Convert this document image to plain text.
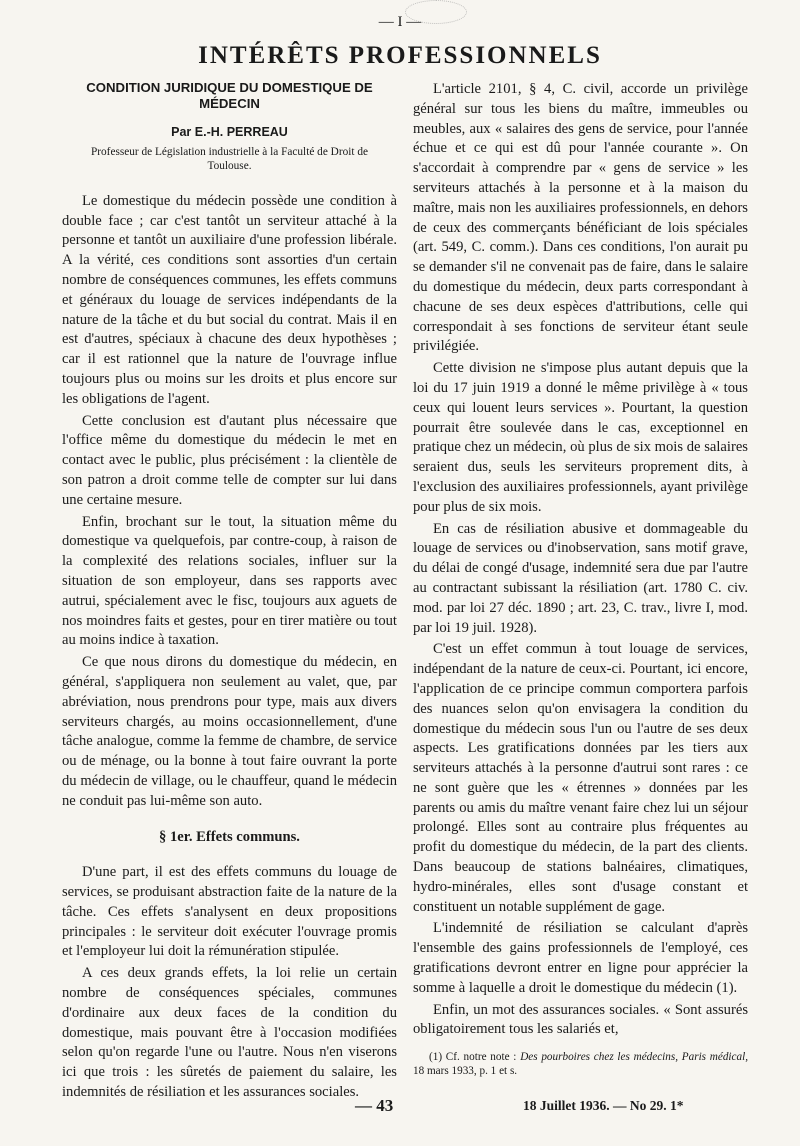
— I —
INTÉRÊTS PROFESSIONNELS
CONDITION JURIDIQUE DU DOMESTIQUE DE MÉDECIN
Par E.-H. PERREAU
Professeur de Législation industrielle à la Faculté de Droit de Toulouse.

Le domestique du médecin possède une condition à double face ; car c'est tantôt un serviteur attaché à la personne et tantôt un auxiliaire d'une profession libérale. A la vérité, ces conditions sont assorties d'un certain nombre de conséquences communes, les effets communs et généraux du louage de services indépendants de la nature de la tâche et du but social du contrat. Mais il en est d'autres, spéciaux à chacune des deux hypothèses ; car il est rationnel que la nature de l'ouvrage influe toujours plus ou moins sur les droits et plus encore sur les obligations de l'agent.

Cette conclusion est d'autant plus nécessaire que l'office même du domestique du médecin le met en contact avec le public, plus précisément : la clientèle de son patron a droit comme telle de compter sur lui dans une certaine mesure.

Enfin, brochant sur le tout, la situation même du domestique va quelquefois, par contre-coup, à raison de la complexité des relations sociales, influer sur la situation de son employeur, dans ses rapports avec autrui, spécialement avec le fisc, toujours aux aguets de nos moindres faits et gestes, pour en tirer matière ou tout au moins indice à taxation.

Ce que nous dirons du domestique du médecin, en général, s'appliquera non seulement au valet, que, par abréviation, nous prendrons pour type, mais aux divers serviteurs chargés, au moins occasionnellement, d'une tâche analogue, comme la femme de chambre, de service ou de ménage, ou la bonne à tout faire ouvrant la porte du médecin de village, ou le chauffeur, quand le médecin ne conduit pas lui-même son auto.

§ 1er. Effets communs.

D'une part, il est des effets communs du louage de services, se produisant abstraction faite de la nature de la tâche. Ces effets s'analysent en deux propositions principales : le serviteur doit exécuter l'ouvrage promis et l'employeur lui doit la rémunération stipulée.

A ces deux grands effets, la loi relie un certain nombre de conséquences spéciales, communes d'ordinaire aux deux faces de la condition du domestique, mais pouvant être à l'occasion modifiées selon qu'on regarde l'une ou l'autre. Nous n'en viserons ici que trois : les sûretés de paiement du salaire, les indemnités de résiliation et les assurances sociales.

L'article 2101, § 4, C. civil, accorde un privilège général sur tous les biens du maître, immeubles ou meubles, aux « salaires des gens de service, pour l'année échue et ce qui est dû pour l'année courante ». On s'accordait à comprendre par « gens de service » les serviteurs attachés à la personne et à la maison du maître, mais non les auxiliaires professionnels, en dehors de ceux des commerçants bénéficiant de lois spéciales (art. 549, C. comm.). Dans ces conditions, l'on aurait pu se demander s'il ne convenait pas de faire, dans le salaire du domestique du médecin, deux parts correspondant à chacune de ses deux espèces d'attributions, celle qui correspondait à ses fonctions de serviteur étant seule privilégiée.

Cette division ne s'impose plus autant depuis que la loi du 17 juin 1919 a donné le même privilège à « tous ceux qui louent leurs services ». Pourtant, la question pourrait être soulevée dans le cas, exceptionnel en pratique chez un médecin, où plus de six mois de salaires seraient dus, seuls les serviteurs proprement dits, à l'exclusion des auxiliaires professionnels, ayant privilège pour plus de six mois.

En cas de résiliation abusive et dommageable du louage de services ou d'inobservation, sans motif grave, du délai de congé d'usage, indemnité sera due par l'autre au contractant subissant la résiliation (art. 1780 C. civ. mod. par loi 27 déc. 1890 ; art. 23, C. trav., livre I, mod. par loi 19 juil. 1928).

C'est un effet commun à tout louage de services, indépendant de la nature de ceux-ci. Pourtant, ici encore, l'application de ce principe commun comportera parfois des nuances selon qu'on envisagera la condition du domestique du médecin sous l'un ou l'autre de ses deux aspects. Les gratifications données par les tiers aux serviteurs attachés à la personne d'autrui sont rares : ce ne sont guère que les « étrennes » données par les parents ou amis du maître venant faire chez lui un séjour prolongé. Elles sont au contraire plus fréquentes au profit du domestique du médecin, de la part des clients. Dans beaucoup de stations balnéaires, climatiques, hydro-minérales, elles sont d'usage constant et constituent un notable supplément de gage.

L'indemnité de résiliation se calculant d'après l'ensemble des gains professionnels de l'employé, ces gratifications devront entrer en ligne pour apprécier la somme à laquelle a droit le domestique du médecin (1).

Enfin, un mot des assurances sociales. « Sont assurés obligatoirement tous les salariés et,

(1) Cf. notre note : Des pourboires chez les médecins, Paris médical, 18 mars 1933, p. 1 et s.
— 43	18 Juillet 1936. — No 29. 1*
